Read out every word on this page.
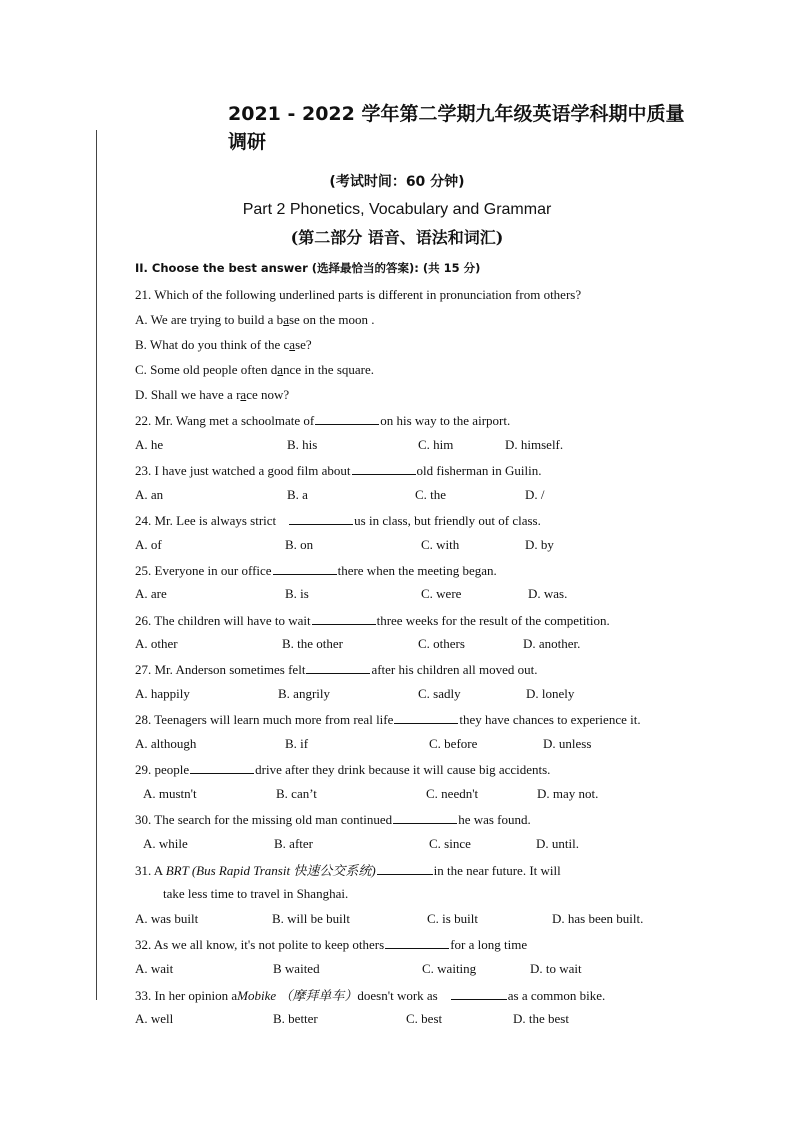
2021 - 2022 学年第二学期九年级英语学科期中质量
调研
(考试时间：60 分钟)
Part 2 Phonetics, Vocabulary and Grammar
(第二部分 语音、语法和词汇)
II. Choose the best answer (选择最恰当的答案): (共 15 分)
21. Which of the following underlined parts is different in pronunciation from others?
A. We are trying to build a base on the moon .
B. What do you think of the case?
C. Some old people often dance in the square.
D. Shall we have a race now?
22. Mr. Wang met a schoolmate of	on his way to the airport.
A. he	B. his	C. him	D. himself.
23. I have just watched a good film about	old fisherman in Guilin.
A. an	B. a	C. the	D. /
24. Mr. Lee is always strict	us in class, but friendly out of class.
A. of	B. on	C. with	D. by
25. Everyone in our office	there when the meeting began.
A. are	B. is	C. were	D. was.
26. The children will have to wait	three weeks for the result of the competition.
A. other	B. the other	C. others	D. another.
27. Mr. Anderson sometimes felt	after his children all moved out.
A. happily	B. angrily	C. sadly	D. lonely
28. Teenagers will learn much more from real life	they have chances to experience it.
A. although	B. if	C. before	D. unless
29. people	drive after they drink because it will cause big accidents.
A. mustn't	B. can’t	C. needn't	D. may not.
30. The search for the missing old man continued	he was found.
A. while	B. after	C. since	D. until.
31. A BRT (Bus Rapid Transit 快速公交系统)	in the near future. It will
take less time to travel in Shanghai.
A. was built	B. will be built	C. is built	D. has been built.
32. As we all know, it's not polite to keep others	for a long time
A. wait	B waited	C. waiting	D. to wait
33. In her opinion aMobike （摩拜单车）doesn't work as	as a common bike.
A. well	B. better	C. best	D. the best
